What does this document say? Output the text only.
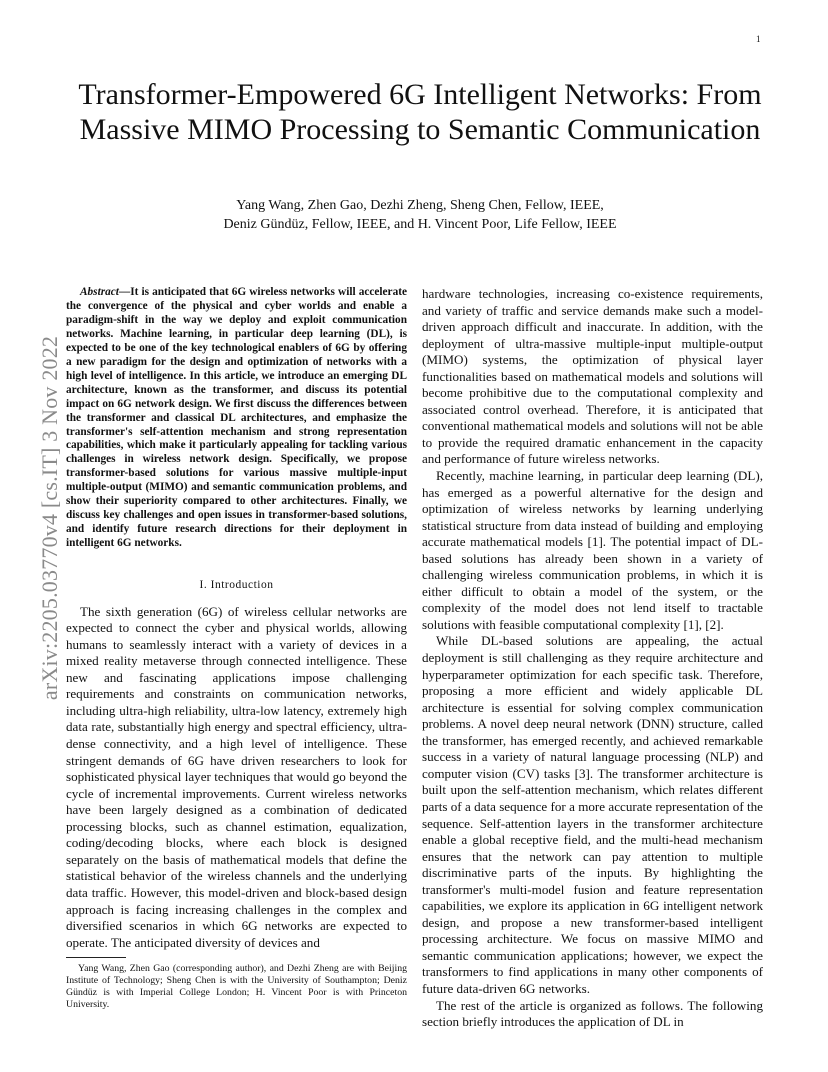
1
arXiv:2205.03770v4 [cs.IT] 3 Nov 2022
Transformer-Empowered 6G Intelligent Networks: From Massive MIMO Processing to Semantic Communication
Yang Wang, Zhen Gao, Dezhi Zheng, Sheng Chen, Fellow, IEEE,
Deniz Gündüz, Fellow, IEEE, and H. Vincent Poor, Life Fellow, IEEE

Abstract—It is anticipated that 6G wireless networks will accelerate the convergence of the physical and cyber worlds and enable a paradigm-shift in the way we deploy and exploit communication networks. Machine learning, in particular deep learning (DL), is expected to be one of the key technological enablers of 6G by offering a new paradigm for the design and optimization of networks with a high level of intelligence. In this article, we introduce an emerging DL architecture, known as the transformer, and discuss its potential impact on 6G network design. We first discuss the differences between the transformer and classical DL architectures, and emphasize the transformer's self-attention mechanism and strong representation capabilities, which make it particularly appealing for tackling various challenges in wireless network design. Specifically, we propose transformer-based solutions for various massive multiple-input multiple-output (MIMO) and semantic communication problems, and show their superiority compared to other architectures. Finally, we discuss key challenges and open issues in transformer-based solutions, and identify future research directions for their deployment in intelligent 6G networks.

I. Introduction

The sixth generation (6G) of wireless cellular networks are expected to connect the cyber and physical worlds, allowing humans to seamlessly interact with a variety of devices in a mixed reality metaverse through connected intelligence. These new and fascinating applications impose challenging requirements and constraints on communication networks, including ultra-high reliability, ultra-low latency, extremely high data rate, substantially high energy and spectral efficiency, ultra-dense connectivity, and a high level of intelligence. These stringent demands of 6G have driven researchers to look for sophisticated physical layer techniques that would go beyond the cycle of incremental improvements. Current wireless networks have been largely designed as a combination of dedicated processing blocks, such as channel estimation, equalization, coding/decoding blocks, where each block is designed separately on the basis of mathematical models that define the statistical behavior of the wireless channels and the underlying data traffic. However, this model-driven and block-based design approach is facing increasing challenges in the complex and diversified scenarios in which 6G networks are expected to operate. The anticipated diversity of devices and

Yang Wang, Zhen Gao (corresponding author), and Dezhi Zheng are with Beijing Institute of Technology; Sheng Chen is with the University of Southampton; Deniz Gündüz is with Imperial College London; H. Vincent Poor is with Princeton University.

hardware technologies, increasing co-existence requirements, and variety of traffic and service demands make such a model-driven approach difficult and inaccurate. In addition, with the deployment of ultra-massive multiple-input multiple-output (MIMO) systems, the optimization of physical layer functionalities based on mathematical models and solutions will become prohibitive due to the computational complexity and associated control overhead. Therefore, it is anticipated that conventional mathematical models and solutions will not be able to provide the required dramatic enhancement in the capacity and performance of future wireless networks.

Recently, machine learning, in particular deep learning (DL), has emerged as a powerful alternative for the design and optimization of wireless networks by learning underlying statistical structure from data instead of building and employing accurate mathematical models [1]. The potential impact of DL-based solutions has already been shown in a variety of challenging wireless communication problems, in which it is either difficult to obtain a model of the system, or the complexity of the model does not lend itself to tractable solutions with feasible computational complexity [1], [2].

While DL-based solutions are appealing, the actual deployment is still challenging as they require architecture and hyperparameter optimization for each specific task. Therefore, proposing a more efficient and widely applicable DL architecture is essential for solving complex communication problems. A novel deep neural network (DNN) structure, called the transformer, has emerged recently, and achieved remarkable success in a variety of natural language processing (NLP) and computer vision (CV) tasks [3]. The transformer architecture is built upon the self-attention mechanism, which relates different parts of a data sequence for a more accurate representation of the sequence. Self-attention layers in the transformer architecture enable a global receptive field, and the multi-head mechanism ensures that the network can pay attention to multiple discriminative parts of the inputs. By highlighting the transformer's multi-model fusion and feature representation capabilities, we explore its application in 6G intelligent network design, and propose a new transformer-based intelligent processing architecture. We focus on massive MIMO and semantic communication applications; however, we expect the transformers to find applications in many other components of future data-driven 6G networks.

The rest of the article is organized as follows. The following section briefly introduces the application of DL in
